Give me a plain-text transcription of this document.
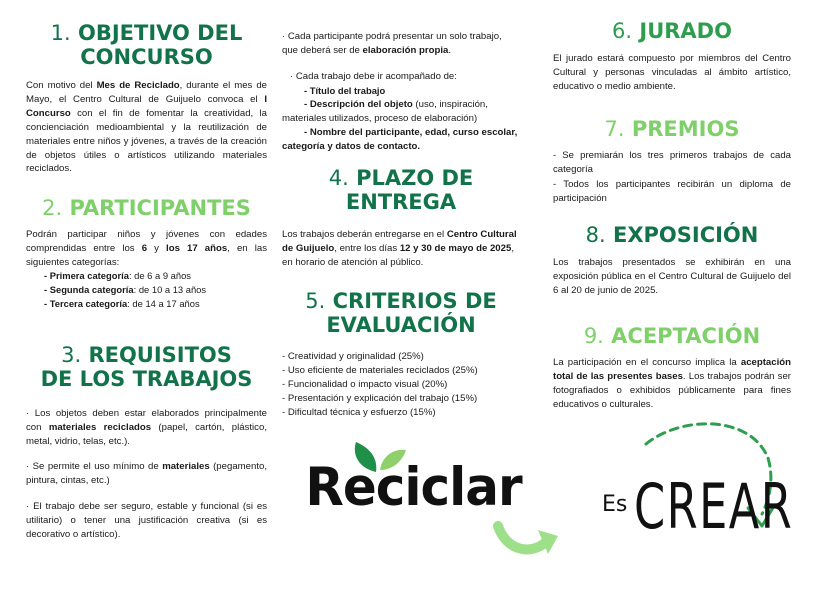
1. OBJETIVO DEL
CONCURSO

Con motivo del Mes de Reciclado, durante el mes de Mayo, el Centro Cultural de Guijuelo convoca el I Concurso con el fin de fomentar la creatividad, la concienciación medioambiental y la reutilización de materiales entre niños y jóvenes, a través de la creación de objetos útiles o artísticos utilizando materiales reciclados.

2. PARTICIPANTES

Podrán participar niños y jóvenes con edades comprendidas entre los 6 y los 17 años, en las siguientes categorías:

- Primera categoría: de 6 a 9 años
- Segunda categoría: de 10 a 13 años
- Tercera categoría: de 14 a 17 años
3. REQUISITOS
DE LOS TRABAJOS

· Los objetos deben estar elaborados principalmente con materiales reciclados (papel, cartón, plástico, metal, vidrio, telas, etc.).

· Se permite el uso mínimo de materiales (pegamento, pintura, cintas, etc.)

· El trabajo debe ser seguro, estable y funcional (si es utilitario) o tener una justificación creativa (si es decorativo o artístico).

· Cada participante podrá presentar un solo trabajo, que deberá ser de elaboración propia.

· Cada trabajo debe ir acompañado de:

- Título del trabajo

- Descripción del objeto (uso, inspiración, materiales utilizados, proceso de elaboración)

- Nombre del participante, edad, curso escolar, categoría y datos de contacto.

4. PLAZO DE
ENTREGA

Los trabajos deberán entregarse en el Centro Cultural de Guijuelo, entre los días 12 y 30 de mayo de 2025, en horario de atención al público.

5. CRITERIOS DE
EVALUACIÓN
- Creatividad y originalidad (25%)
- Uso eficiente de materiales reciclados (25%)
- Funcionalidad o impacto visual (20%)
- Presentación y explicación del trabajo (15%)
- Dificultad técnica y esfuerzo (15%)
Reciclar
6. JURADO

El jurado estará compuesto por miembros del Centro Cultural y personas vinculadas al ámbito artístico, educativo o medio ambiente.

7. PREMIOS

- Se premiarán los tres primeros trabajos de cada categoría

- Todos los participantes recibirán un diploma de participación

8. EXPOSICIÓN

Los trabajos presentados se exhibirán en una exposición pública en el Centro Cultural de Guijuelo del 6 al 20 de junio de 2025.

9. ACEPTACIÓN

La participación en el concurso implica la aceptación total de las presentes bases. Los trabajos podrán ser fotografiados o exhibidos públicamente para fines educativos o culturales.

Es CREAR
